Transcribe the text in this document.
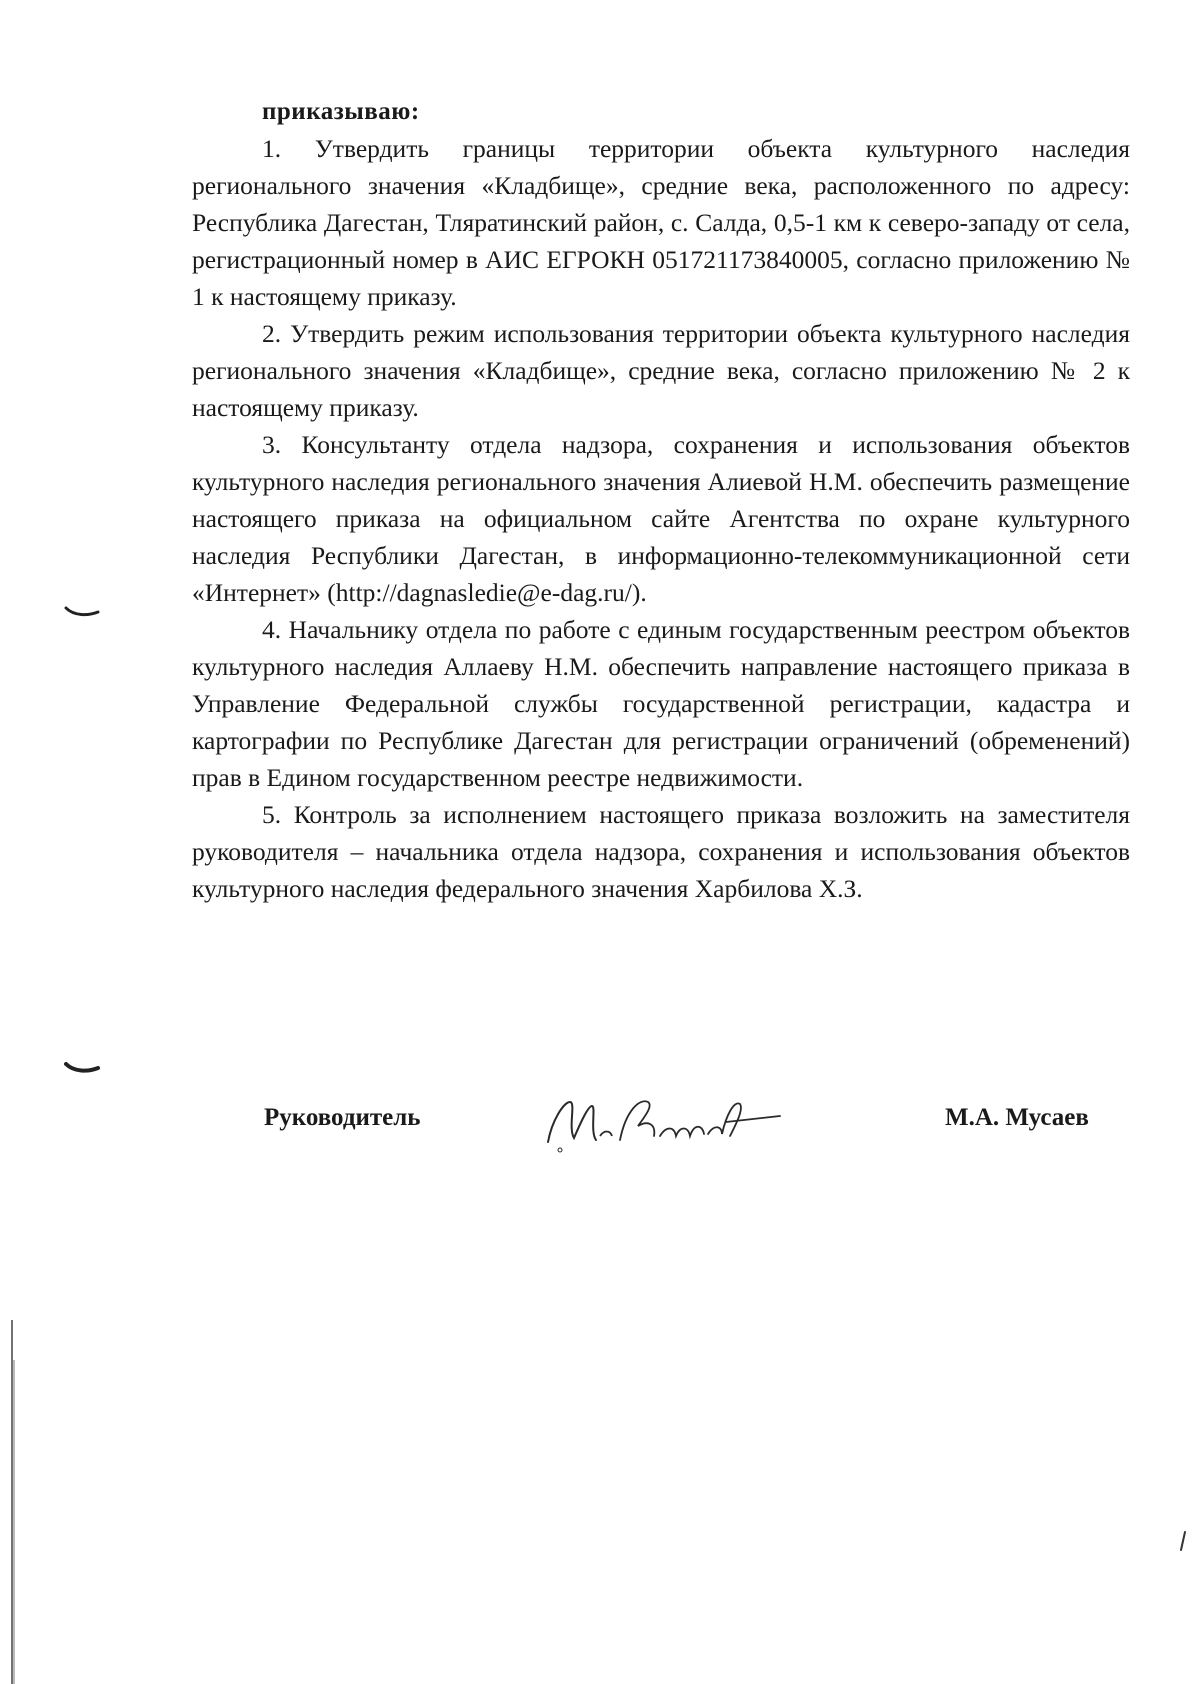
приказываю:

1. Утвердить границы территории объекта культурного наследия регионального значения «Кладбище», средние века, расположенного по адресу: Республика Дагестан, Тляратинский район, с. Салда, 0,5-1 км к северо-западу от села, регистрационный номер в АИС ЕГРОКН 051721173840005, согласно приложению № 1 к настоящему приказу.

2. Утвердить режим использования территории объекта культурного наследия регионального значения «Кладбище», средние века, согласно приложению № 2 к настоящему приказу.

3. Консультанту отдела надзора, сохранения и использования объектов культурного наследия регионального значения Алиевой Н.М. обеспечить размещение настоящего приказа на официальном сайте Агентства по охране культурного наследия Республики Дагестан, в информационно-телекоммуникационной сети «Интернет» (http://dagnasledie@e-dag.ru/).

4. Начальнику отдела по работе с единым государственным реестром объектов культурного наследия Аллаеву Н.М. обеспечить направление настоящего приказа в Управление Федеральной службы государственной регистрации, кадастра и картографии по Республике Дагестан для регистрации ограничений (обременений) прав в Едином государственном реестре недвижимости.

5. Контроль за исполнением настоящего приказа возложить на заместителя руководителя – начальника отдела надзора, сохранения и использования объектов культурного наследия федерального значения Харбилова Х.З.

Руководитель	М.А. Мусаев
